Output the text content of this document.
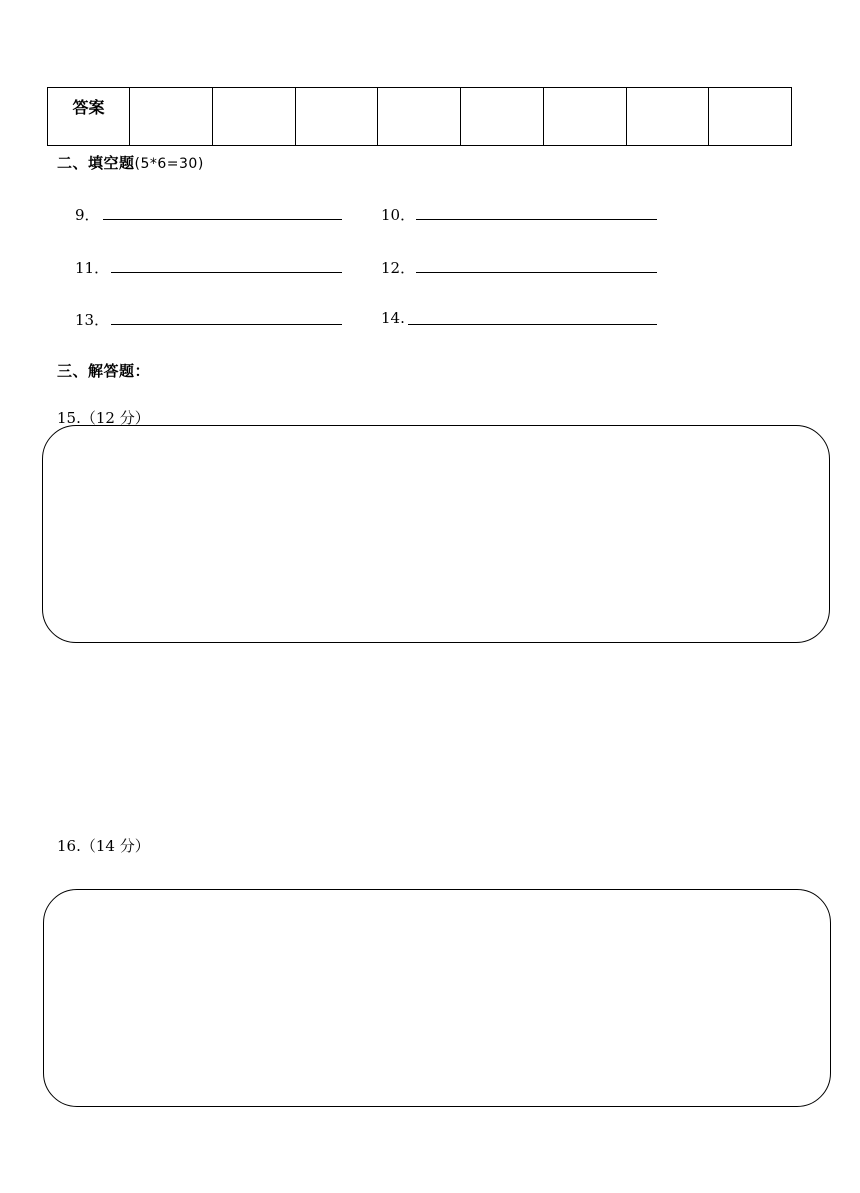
答案								
二、填空题(5*6=30)
9．	10．
11．	12．
13．	14.
三、解答题：
15.（12 分）
16.（14 分）
